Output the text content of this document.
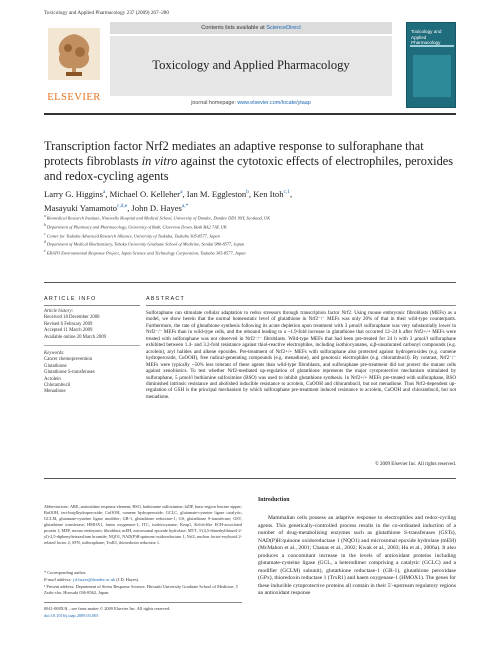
Toxicology and Applied Pharmacology 237 (2009) 267–280
ELSEVIER
Contents lists available at ScienceDirect
Toxicology and Applied Pharmacology
journal homepage: www.elsevier.com/locate/ytaap
Toxicology and Applied Pharmacology
Transcription factor Nrf2 mediates an adaptive response to sulforaphane that protects fibroblasts in vitro against the cytotoxic effects of electrophiles, peroxides and redox-cycling agents
Larry G. Higgins$^a$, Michael O. Kelleher$^a$, Ian M. Eggleston$^b$, Ken Itoh$^{c,1}$,
Masayuki Yamamoto$^{c,d,e}$, John D. Hayes$^{a,*}$
$^a$ Biomedical Research Institute, Ninewells Hospital and Medical School, University of Dundee, Dundee DD1 9SY, Scotland, UK
$^b$ Department of Pharmacy and Pharmacology, University of Bath, Claverton Down, Bath BA2 7AY, UK
$^c$ Center for Tsukuba Advanced Research Alliance, University of Tsukuba, Tsukuba 305-8577, Japan
$^d$ Department of Medical Biochemistry, Tohoku University Graduate School of Medicine, Sendai 980-8577, Japan
$^e$ ERATO Environmental Response Project, Japan Science and Technology Corporation, Tsukuba 305-8577, Japan
ARTICLE INFO	ABSTRACT
Article history:
Received 18 December 2008
Revised 6 February 2009
Accepted 11 March 2009
Available online 20 March 2009
Keywords:
Cancer chemoprevention
Glutathione
Glutathione S-transferases
Acrolein
Chlorambucil
Menadione
Sulforaphane can stimulate cellular adaptation to redox stressors through transcription factor Nrf2. Using mouse embryonic fibroblasts (MEFs) as a model, we show herein that the normal homeostatic level of glutathione in Nrf2⁻/⁻ MEFs was only 20% of that in their wild-type counterparts. Furthermore, the rate of glutathione synthesis following its acute depletion upon treatment with 3 µmol/l sulforaphane was very substantially lower in Nrf2⁻/⁻ MEFs than in wild-type cells, and the rebound leading to a ~1.9-fold increase in glutathione that occurred 12–24 h after Nrf2+/+ MEFs were treated with sulforaphane was not observed in Nrf2⁻/⁻ fibroblasts. Wild-type MEFs that had been pre-treated for 24 h with 3 µmol/l sulforaphane exhibited between 1.4- and 3.2-fold resistance against thiol-reactive electrophiles, including isothiocyanates, α,β-unsaturated carbonyl compounds (e.g. acrolein), aryl halides and alkene epoxides. Pre-treatment of Nrf2+/+ MEFs with sulforaphane also protected against hydroperoxides (e.g. cumene hydroperoxide, CuOOH), free radical-generating compounds (e.g. menadione), and genotoxic electrophiles (e.g. chlorambucil). By contrast, Nrf2⁻/⁻ MEFs were typically ~50% less tolerant of these agents than wild-type fibroblasts, and sulforaphane pre-treatment did not protect the mutant cells against xenobiotics. To test whether Nrf2-mediated up-regulation of glutathione represents the major cytoprotective mechanism stimulated by sulforaphane, 5 µmol/l buthionine sulfoximine (BSO) was used to inhibit glutathione synthesis. In Nrf2+/+ MEFs pre-treated with sulforaphane, BSO diminished intrinsic resistance and abolished inducible resistance to acrolein, CuOOH and chlorambucil, but not menadione. Thus Nrf2-dependent up-regulation of GSH is the principal mechanism by which sulforaphane pre-treatment induced resistance to acrolein, CuOOH and chlorambucil, but not menadione.
© 2009 Elsevier Inc. All rights reserved.
Abbreviations: ARE, antioxidant response element; BSO, buthionine sulfoximine; bZIP, basic-region leucine zipper; BuOOH, tert-butylhydroperoxide; CuOOH, cumene hydroperoxide; GCLC, glutamate-cysteine ligase catalytic; GCLM, glutamate-cysteine ligase modifier; GR-1, glutathione reductase-1; GS, glutathione S-transferase; GST, glutathione transferase; HMOX1, haem oxygenase-1; ITC, isothiocyanate; Keap1, Kelch-like ECH-associated protein 1; MEF, mouse embryonic fibroblast; mEH, microsomal epoxide hydrolase; MTT, 3-(4,5-dimethylthiazol-2-yl)-2,5-diphenyltetrazolium bromide; NQO1, NAD(P)H:quinone oxidoreductase 1; Nrf2, nuclear factor-erythroid 2-related factor 2; SFN, sulforaphane; TrxR1, thioredoxin reductase 1.
* Corresponding author.
E-mail address: j.d.hayes@dundee.ac.uk (J.D. Hayes).
¹ Present address: Department of Stress Response Science, Hirosaki University Graduate School of Medicine, 5 Zaifu-cho, Hirosaki 036-8562, Japan.
0041-008X/$ – see front matter © 2009 Elsevier Inc. All rights reserved.
doi:10.1016/j.taap.2009.03.005
Introduction
Mammalian cells possess an adaptive response to electrophiles and redox-cycling agents. This genetically-controlled process results in the co-ordinated induction of a number of drug-metabolising enzymes such as glutathione S-transferases (GSTs), NAD(P)H:quinone oxidoreductase 1 (NQO1) and microsomal epoxide hydrolase (mEH) (McMahon et al., 2001; Chanas et al., 2002; Kwak et al., 2003; Hu et al., 2006a). It also produces a concomitant increase in the levels of antioxidant proteins including glutamate-cysteine ligase (GCL, a heterodimer comprising a catalytic (GCLC) and a modifier (GCLM) subunit), glutathione reductase-1 (GR-1), glutathione peroxidase (GPx), thioredoxin reductase 1 (TrxR1) and haem oxygenase-1 (HMOX1). The genes for these inducible cytoprotective proteins all contain in their 5′-upstream regulatory regions an antioxidant response
